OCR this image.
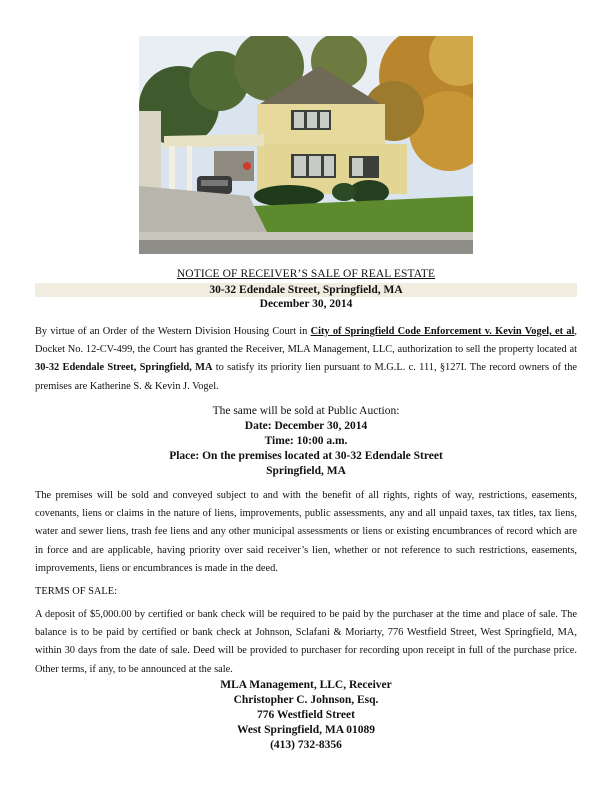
NOTICE OF RECEIVER’S SALE OF REAL ESTATE
30-32 Edendale Street, Springfield, MA
December 30, 2014
By virtue of an Order of the Western Division Housing Court in City of Springfield Code Enforcement v. Kevin Vogel, et al, Docket No. 12-CV-499, the Court has granted the Receiver, MLA Management, LLC, authorization to sell the property located at 30-32 Edendale Street, Springfield, MA to satisfy its priority lien pursuant to M.G.L. c. 111, §127I. The record owners of the premises are Katherine S. & Kevin J. Vogel.
The same will be sold at Public Auction:
Date: December 30, 2014
Time: 10:00 a.m.
Place: On the premises located at 30-32 Edendale Street
Springfield, MA
The premises will be sold and conveyed subject to and with the benefit of all rights, rights of way, restrictions, easements, covenants, liens or claims in the nature of liens, improvements, public assessments, any and all unpaid taxes, tax titles, tax liens, water and sewer liens, trash fee liens and any other municipal assessments or liens or existing encumbrances of record which are in force and are applicable, having priority over said receiver’s lien, whether or not reference to such restrictions, easements, improvements, liens or encumbrances is made in the deed.
TERMS OF SALE:
A deposit of $5,000.00 by certified or bank check will be required to be paid by the purchaser at the time and place of sale. The balance is to be paid by certified or bank check at Johnson, Sclafani & Moriarty, 776 Westfield Street, West Springfield, MA, within 30 days from the date of sale. Deed will be provided to purchaser for recording upon receipt in full of the purchase price. Other terms, if any, to be announced at the sale.
MLA Management, LLC, Receiver
Christopher C. Johnson, Esq.
776 Westfield Street
West Springfield, MA 01089
(413) 732-8356
